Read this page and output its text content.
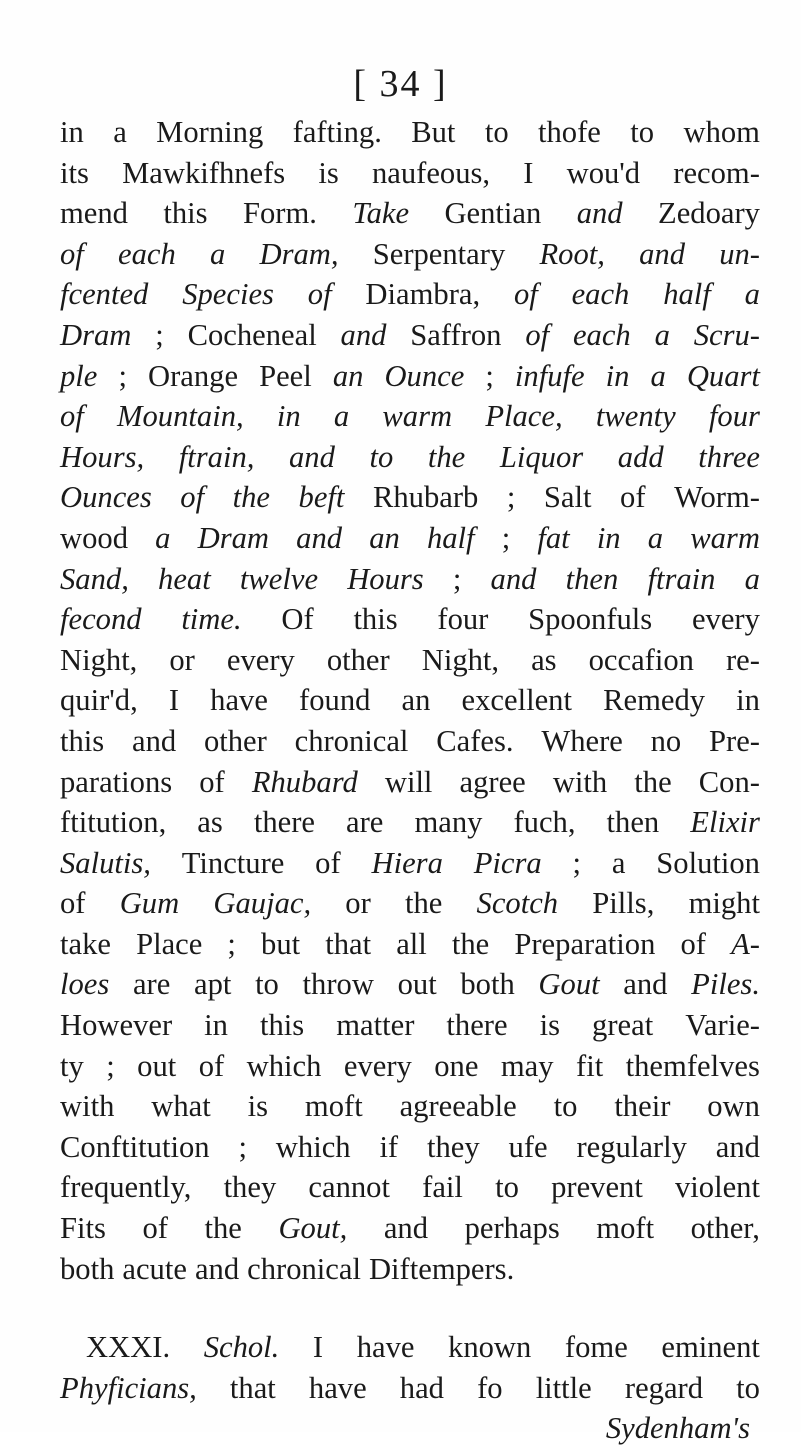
[ 34 ]
in a Morning fafting. But to thofe to whom
its Mawkifhnefs is naufeous, I wou'd recom-
mend this Form. Take Gentian and Zedoary
of each a Dram, Serpentary Root, and un-
fcented Species of Diambra, of each half a
Dram ; Cocheneal and Saffron of each a Scru-
ple ; Orange Peel an Ounce ; infufe in a Quart
of Mountain, in a warm Place, twenty four
Hours, ftrain, and to the Liquor add three
Ounces of the beft Rhubarb ; Salt of Worm-
wood a Dram and an half ; fat in a warm
Sand, heat twelve Hours ; and then ftrain a
fecond time. Of this four Spoonfuls every
Night, or every other Night, as occafion re-
quir'd, I have found an excellent Remedy in
this and other chronical Cafes. Where no Pre-
parations of Rhubard will agree with the Con-
ftitution, as there are many fuch, then Elixir
Salutis, Tincture of Hiera Picra ; a Solution
of Gum Gaujac, or the Scotch Pills, might
take Place ; but that all the Preparation of A-
loes are apt to throw out both Gout and Piles.
However in this matter there is great Varie-
ty ; out of which every one may fit themfelves
with what is moft agreeable to their own
Conftitution ; which if they ufe regularly and
frequently, they cannot fail to prevent violent
Fits of the Gout, and perhaps moft other,
both acute and chronical Diftempers.
XXXI. Schol. I have known fome eminent
Phyficians, that have had fo little regard to
Sydenham's
